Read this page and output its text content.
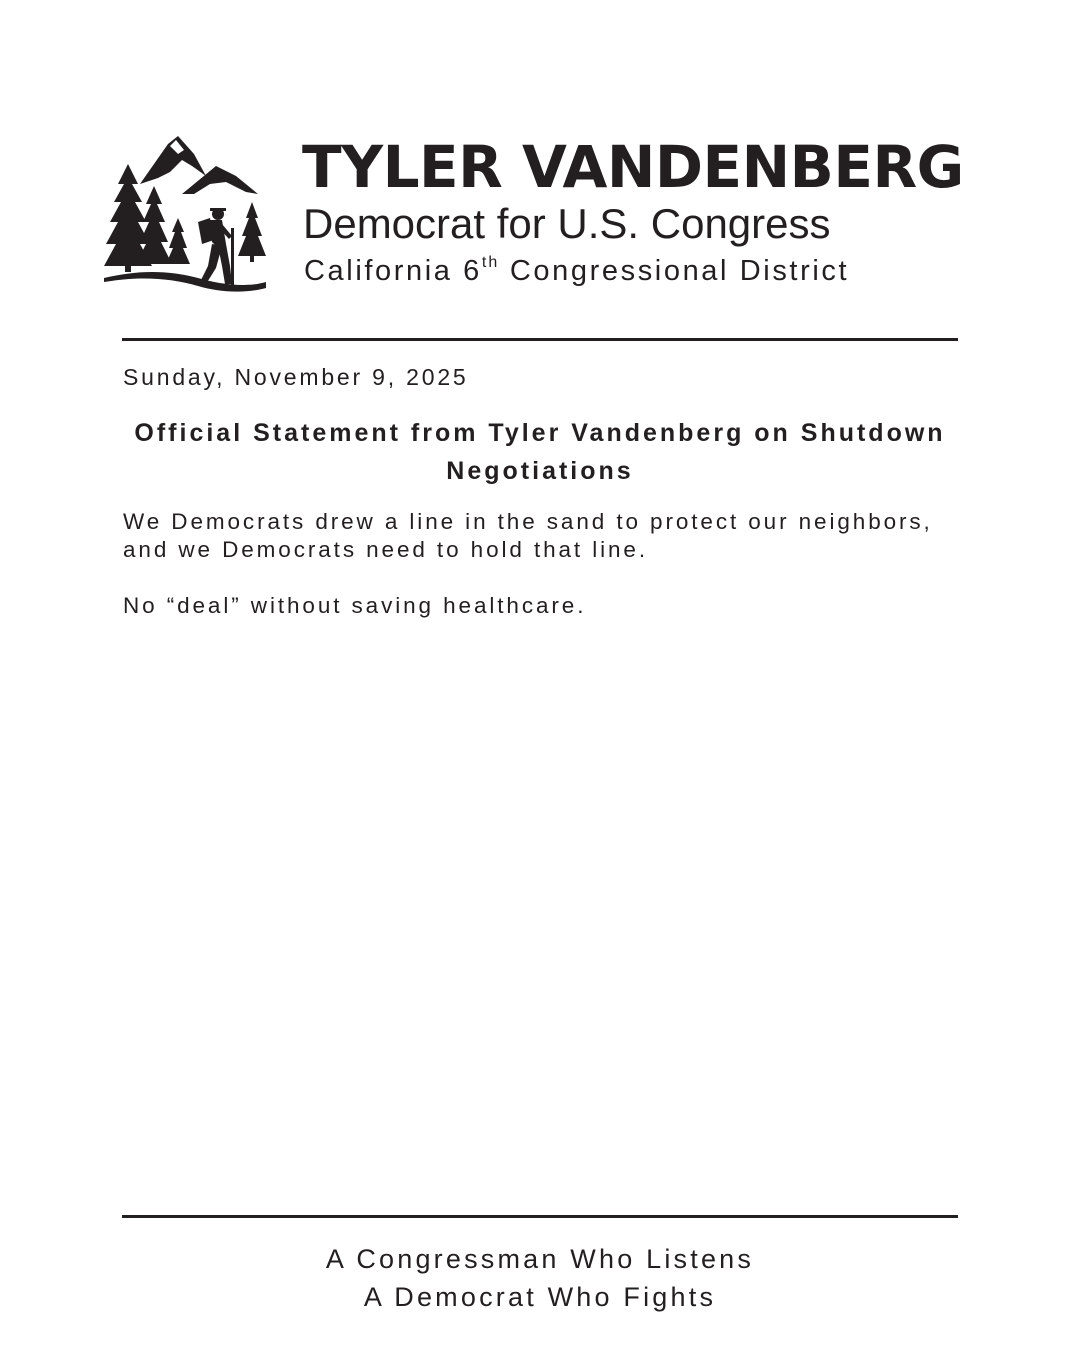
TYLER VANDENBERG
Democrat for U.S. Congress
California 6th Congressional District
Sunday, November 9, 2025
Official Statement from Tyler Vandenberg on Shutdown Negotiations

We Democrats drew a line in the sand to protect our neighbors, and we Democrats need to hold that line.

No “deal” without saving healthcare.

A Congressman Who Listens
A Democrat Who Fights
